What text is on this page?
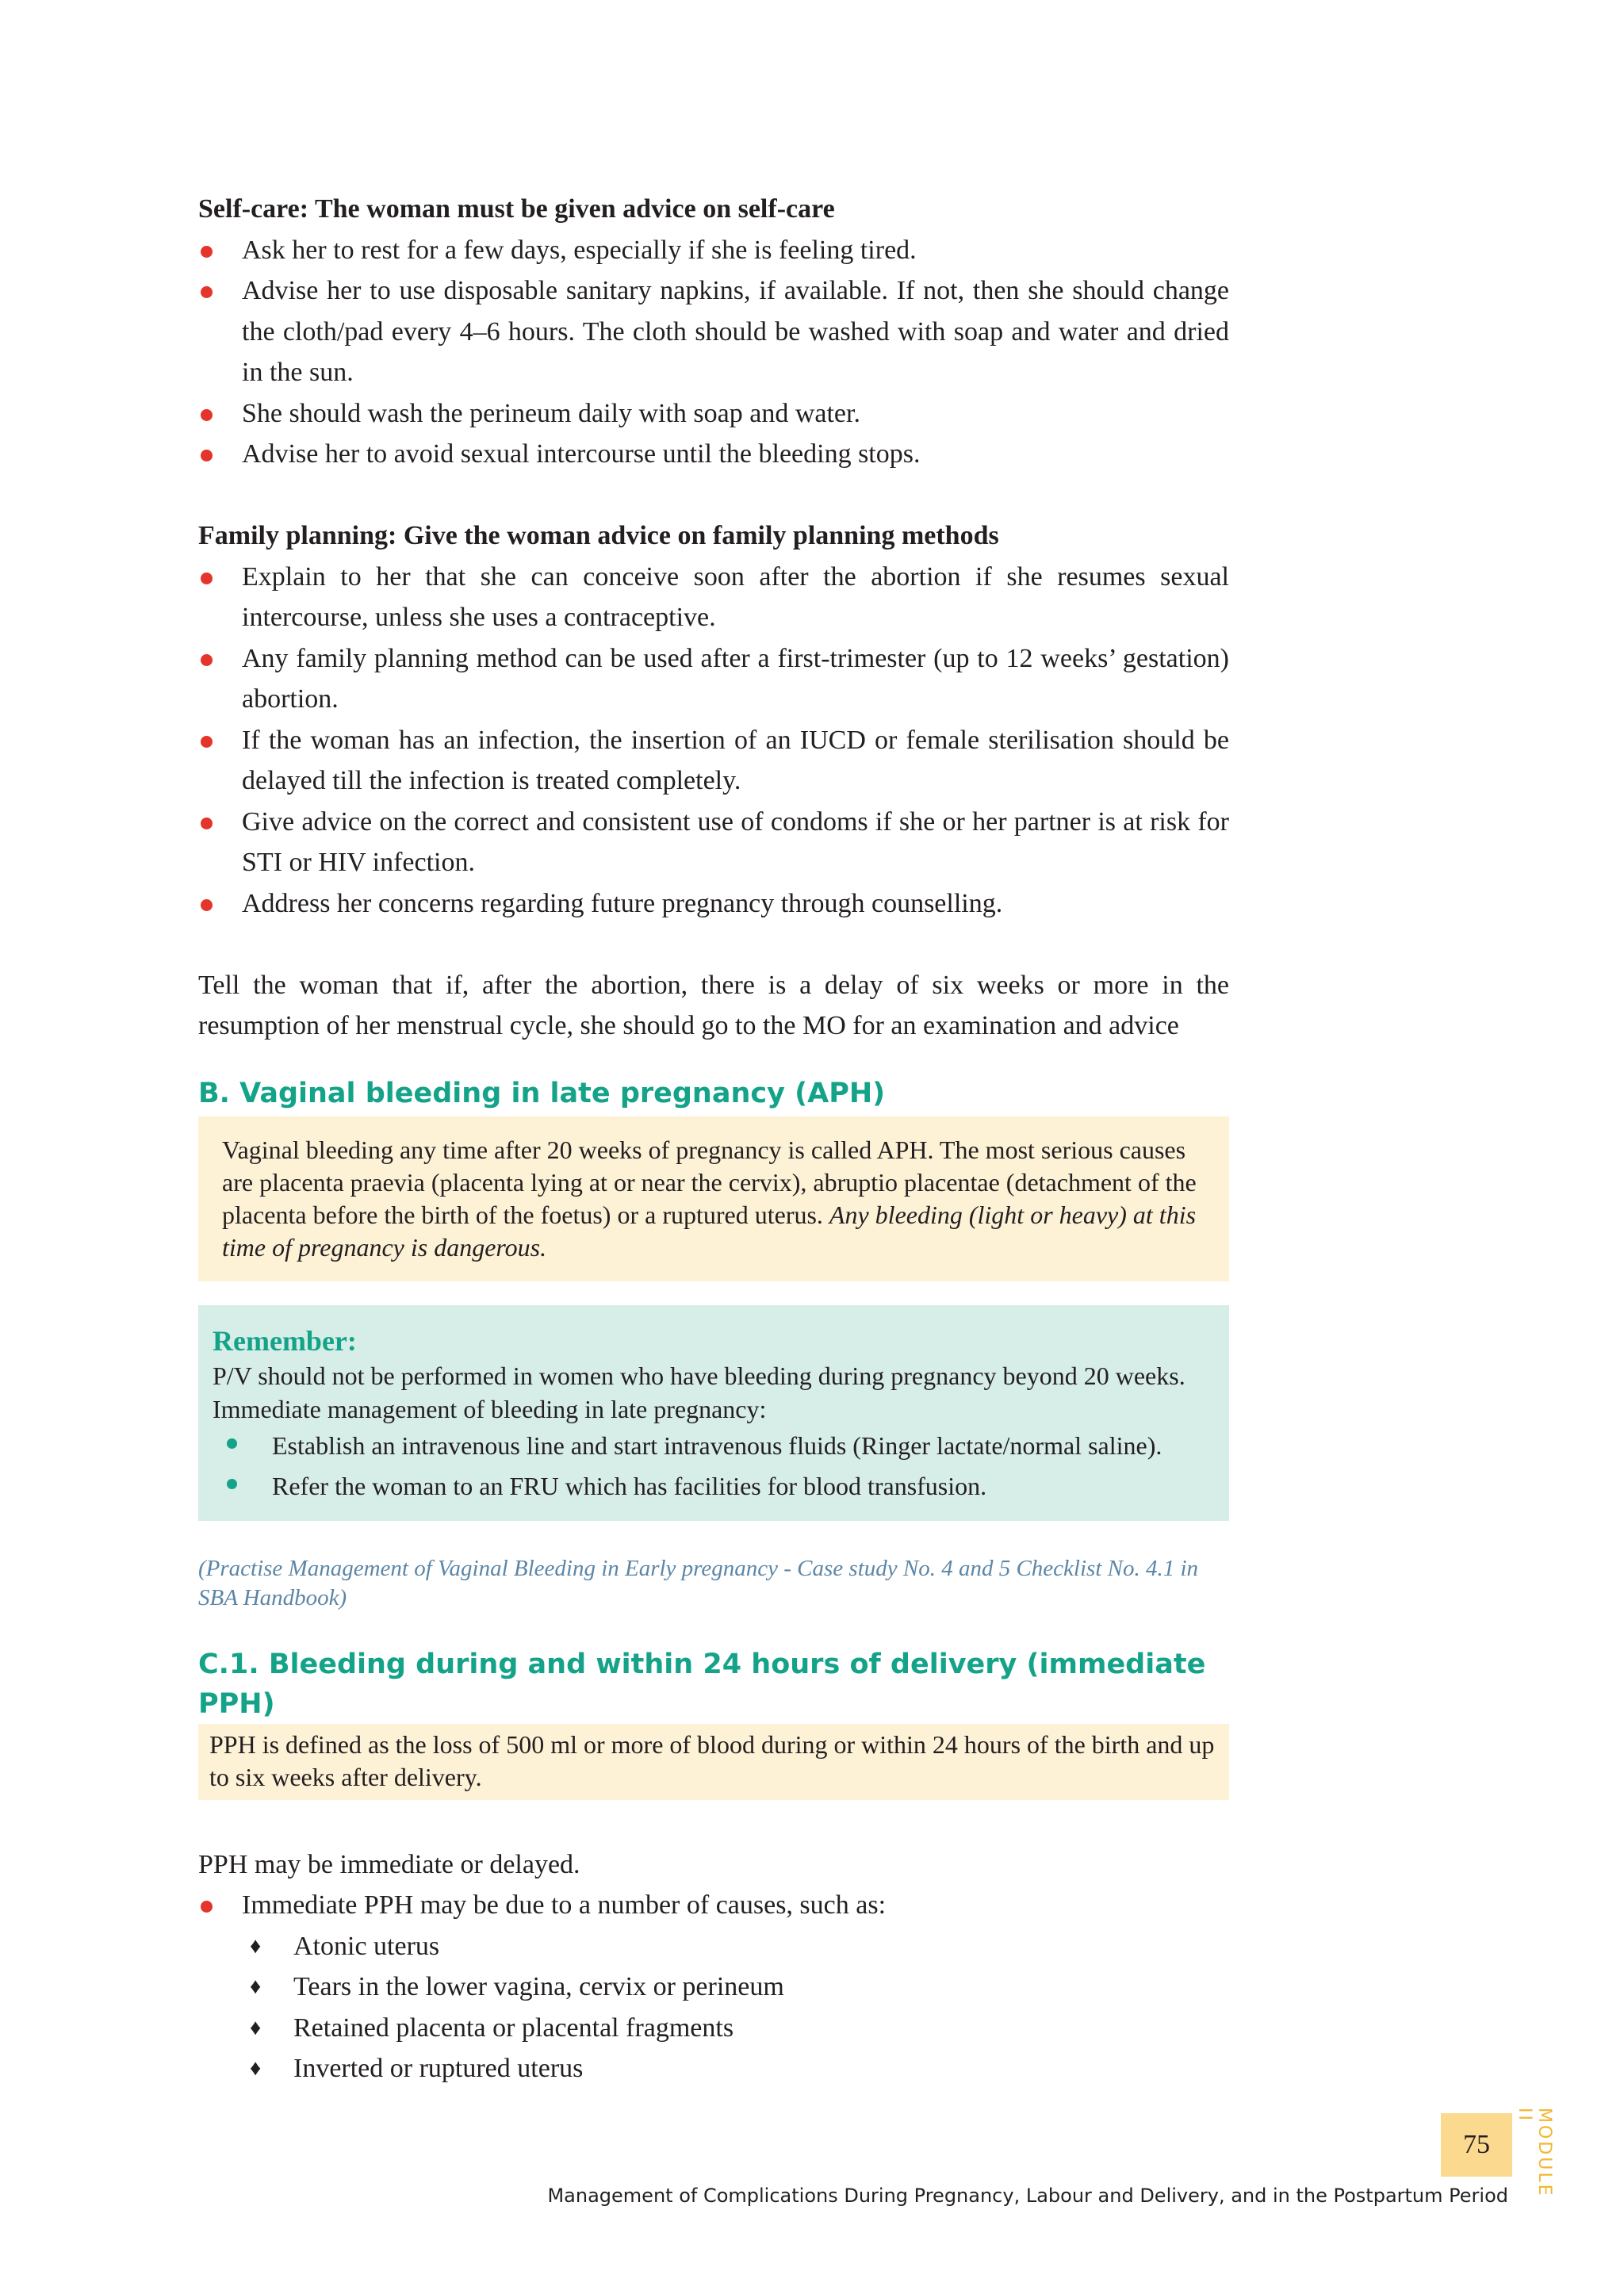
Self-care: The woman must be given advice on self-care

Ask her to rest for a few days, especially if she is feeling tired.
Advise her to use disposable sanitary napkins, if available. If not, then she should change the cloth/pad every 4–6 hours. The cloth should be washed with soap and water and dried in the sun.
She should wash the perineum daily with soap and water.
Advise her to avoid sexual intercourse until the bleeding stops.

Family planning: Give the woman advice on family planning methods

Explain to her that she can conceive soon after the abortion if she resumes sexual intercourse, unless she uses a contraceptive.
Any family planning method can be used after a first-trimester (up to 12 weeks’ gestation) abortion.
If the woman has an infection, the insertion of an IUCD or female sterilisation should be delayed till the infection is treated completely.
Give advice on the correct and consistent use of condoms if she or her partner is at risk for STI or HIV infection.
Address her concerns regarding future pregnancy through counselling.

Tell the woman that if, after the abortion, there is a delay of six weeks or more in the resumption of her menstrual cycle, she should go to the MO for an examination and advice

B. Vaginal bleeding in late pregnancy (APH)
Vaginal bleeding any time after 20 weeks of pregnancy is called APH. The most serious causes are placenta praevia (placenta lying at or near the cervix), abruptio placentae (detachment of the placenta before the birth of the foetus) or a ruptured uterus. Any bleeding (light or heavy) at this time of pregnancy is dangerous.
Remember:
P/V should not be performed in women who have bleeding during pregnancy beyond 20 weeks.
Immediate management of bleeding in late pregnancy:
Establish an intravenous line and start intravenous fluids (Ringer lactate/normal saline).
Refer the woman to an FRU which has facilities for blood transfusion.
(Practise Management of Vaginal Bleeding in Early pregnancy - Case study No. 4 and 5 Checklist No. 4.1 in SBA Handbook)
C.1. Bleeding during and within 24 hours of delivery (immediate PPH)
PPH is defined as the loss of 500 ml or more of blood during or within 24 hours of the birth and up to six weeks after delivery.

PPH may be immediate or delayed.

Immediate PPH may be due to a number of causes, such as:
♦ Atonic uterus
♦ Tears in the lower vagina, cervix or perineum
♦ Retained placenta or placental fragments
♦ Inverted or ruptured uterus
75	MODULE II
Management of Complications During Pregnancy, Labour and Delivery, and in the Postpartum Period
